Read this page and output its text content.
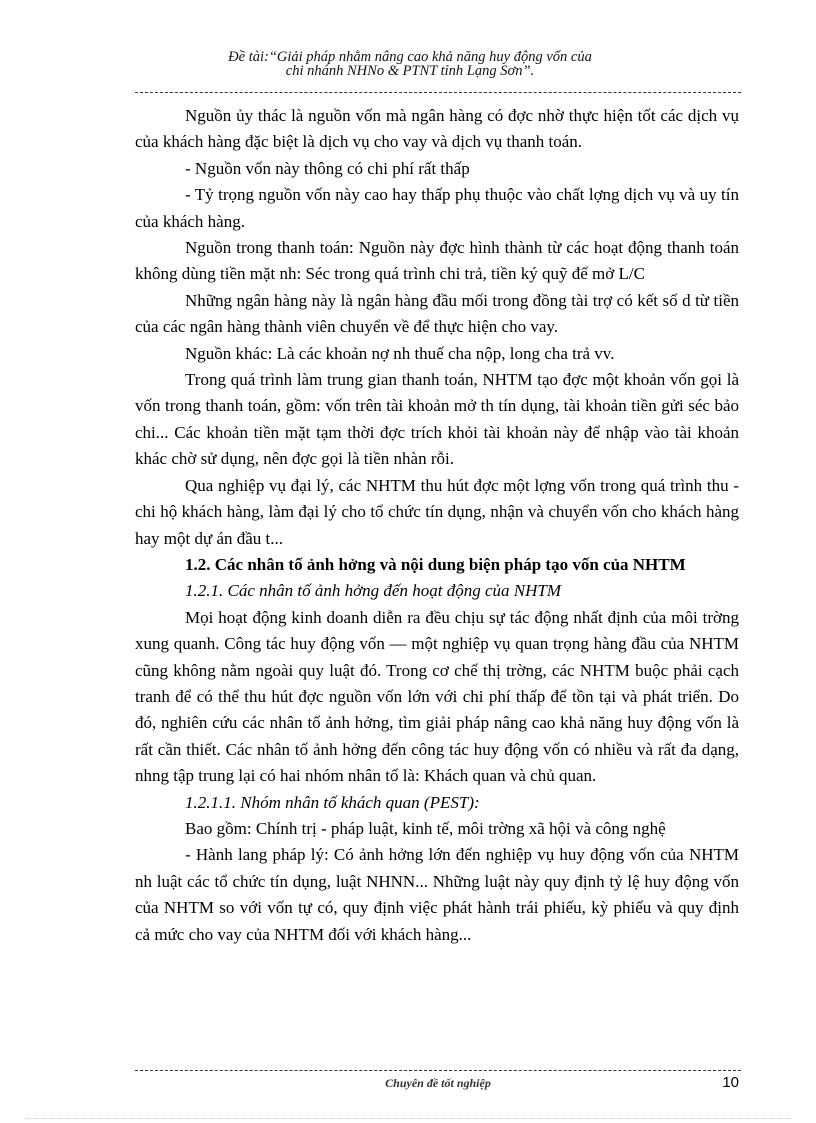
Đề tài:“Giải pháp nhằm nâng cao khả năng huy động vốn của
chi nhánh NHNo & PTNT tỉnh Lạng Sơn”.

Nguồn ủy thác là nguồn vốn mà ngân hàng có đợc nhờ thực hiện tốt các dịch vụ của khách hàng đặc biệt là dịch vụ cho vay và dịch vụ thanh toán.

- Nguồn vốn này thông có chi phí rất thấp

- Tỷ trọng nguồn vốn này cao hay thấp phụ thuộc vào chất lợng dịch vụ và uy tín của khách hàng.

Nguồn trong thanh toán: Nguồn này đợc hình thành từ các hoạt động thanh toán không dùng tiền mặt nh: Séc trong quá trình chi trả, tiền ký quỹ để mở L/C

Những ngân hàng này là ngân hàng đầu mối trong đồng tài trợ có kết số d từ tiền của các ngân hàng thành viên chuyển về để thực hiện cho vay.

Nguồn khác: Là các khoản nợ nh thuế cha nộp, long cha trả vv.

Trong quá trình làm trung gian thanh toán, NHTM tạo đợc một khoản vốn gọi là vốn trong thanh toán, gồm: vốn trên tài khoản mở th tín dụng, tài khoản tiền gửi séc bảo chi... Các khoản tiền mặt tạm thời đợc trích khỏi tài khoản này để nhập vào tài khoản khác chờ sử dụng, nên đợc gọi là tiền nhàn rỗi.

Qua nghiệp vụ đại lý, các NHTM thu hút đợc một lợng vốn trong quá trình thu - chi hộ khách hàng, làm đại lý cho tổ chức tín dụng, nhận và chuyển vốn cho khách hàng hay một dự án đầu t...

1.2. Các nhân tố ảnh hởng và nội dung biện pháp tạo vốn của NHTM

1.2.1. Các nhân tố ảnh hởng đến hoạt động của NHTM

Mọi hoạt động kinh doanh diễn ra đều chịu sự tác động nhất định của môi trờng xung quanh. Công tác huy động vốn — một nghiệp vụ quan trọng hàng đầu của NHTM cũng không nằm ngoài quy luật đó. Trong cơ chế thị trờng, các NHTM buộc phải cạch tranh để có thể thu hút đợc nguồn vốn lớn với chi phí thấp để tồn tại và phát triển. Do đó, nghiên cứu các nhân tố ảnh hởng, tìm giải pháp nâng cao khả năng huy động vốn là rất cần thiết. Các nhân tố ảnh hởng đến công tác huy động vốn có nhiều và rất đa dạng, nhng tập trung lại có hai nhóm nhân tố là: Khách quan và chủ quan.

1.2.1.1. Nhóm nhân tố khách quan (PEST):

Bao gồm: Chính trị - pháp luật, kinh tế, môi trờng xã hội và công nghệ

- Hành lang pháp lý: Có ảnh hởng lớn đến nghiệp vụ huy động vốn của NHTM nh luật các tổ chức tín dụng, luật NHNN... Những luật này quy định tỷ lệ huy động vốn của NHTM so với vốn tự có, quy định việc phát hành trái phiếu, kỳ phiếu và quy định cả mức cho vay của NHTM đối với khách hàng...

Chuyên đề tốt nghiệp	10
